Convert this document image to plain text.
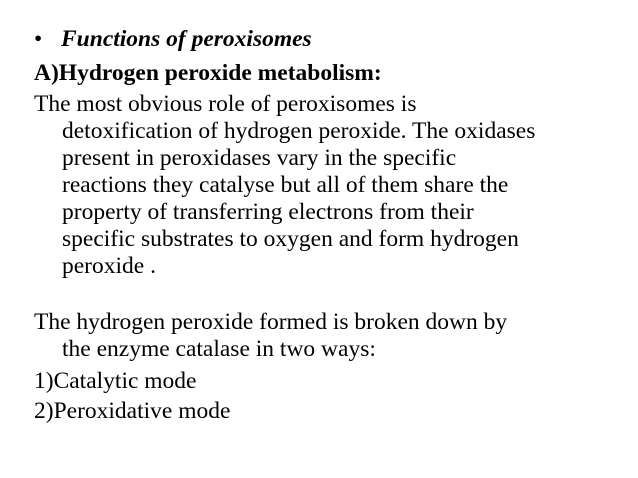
• Functions of peroxisomes
A)Hydrogen peroxide metabolism:
The most obvious role of peroxisomes is
detoxification of hydrogen peroxide. The oxidases
present in peroxidases vary in the specific
reactions they catalyse but all of them share the
property of transferring electrons from their
specific substrates to oxygen and form hydrogen
peroxide .
The hydrogen peroxide formed is broken down by
the enzyme catalase in two ways:
1)Catalytic mode
2)Peroxidative mode
